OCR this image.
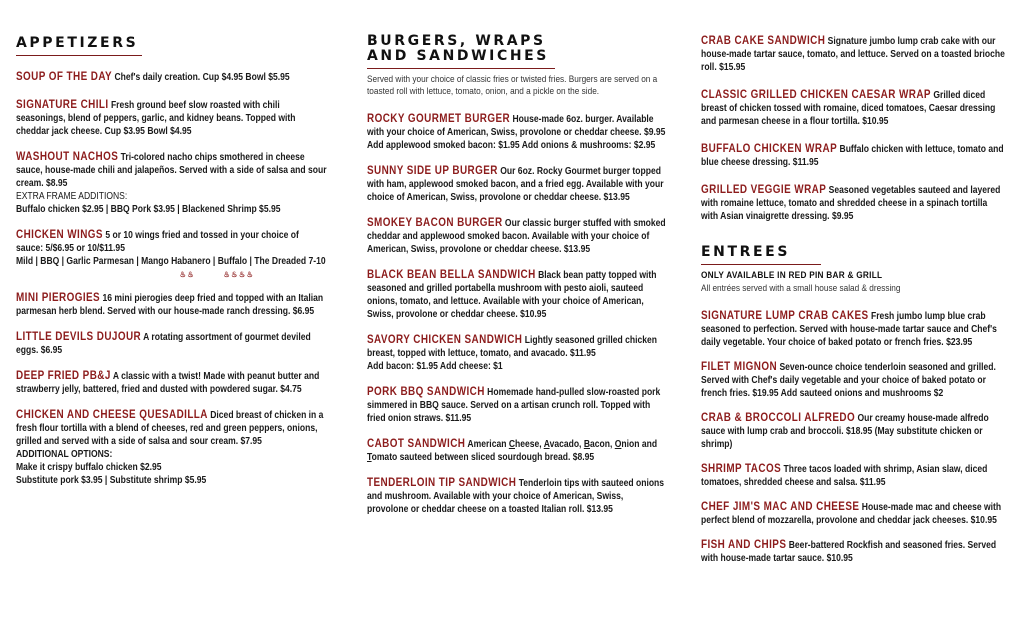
APPETIZERS
SOUP OF THE DAY Chef's daily creation. Cup $4.95 Bowl $5.95
SIGNATURE CHILI Fresh ground beef slow roasted with chili seasonings, blend of peppers, garlic, and kidney beans. Topped with cheddar jack cheese. Cup $3.95 Bowl $4.95
WASHOUT NACHOS Tri-colored nacho chips smothered in cheese sauce, house-made chili and jalapeños. Served with a side of salsa and sour cream. $8.95
EXTRA FRAME ADDITIONS:
Buffalo chicken $2.95 | BBQ Pork $3.95 | Blackened Shrimp $5.95
CHICKEN WINGS 5 or 10 wings fried and tossed in your choice of sauce: 5/$6.95 or 10/$11.95
Mild | BBQ | Garlic Parmesan | Mango Habanero | Buffalo | The Dreaded 7-10
♨♨        ♨♨♨♨
MINI PIEROGIES 16 mini pierogies deep fried and topped with an Italian parmesan herb blend. Served with our house-made ranch dressing. $6.95
LITTLE DEVILS DUJOUR A rotating assortment of gourmet deviled eggs. $6.95
DEEP FRIED PB&J A classic with a twist! Made with peanut butter and strawberry jelly, battered, fried and dusted with powdered sugar. $4.75
CHICKEN AND CHEESE QUESADILLA Diced breast of chicken in a fresh flour tortilla with a blend of cheeses, red and green peppers, onions, grilled and served with a side of salsa and sour cream. $7.95
ADDITIONAL OPTIONS:
Make it crispy buffalo chicken $2.95
Substitute pork $3.95 | Substitute shrimp $5.95
BURGERS, WRAPS AND SANDWICHES
Served with your choice of classic fries or twisted fries. Burgers are served on a toasted roll with lettuce, tomato, onion, and a pickle on the side.
ROCKY GOURMET BURGER House-made 6oz. burger. Available with your choice of American, Swiss, provolone or cheddar cheese. $9.95
Add applewood smoked bacon: $1.95 Add onions & mushrooms: $2.95
SUNNY SIDE UP BURGER Our 6oz. Rocky Gourmet burger topped with ham, applewood smoked bacon, and a fried egg. Available with your choice of American, Swiss, provolone or cheddar cheese. $13.95
SMOKEY BACON BURGER Our classic burger stuffed with smoked cheddar and applewood smoked bacon. Available with your choice of American, Swiss, provolone or cheddar cheese. $13.95
BLACK BEAN BELLA SANDWICH Black bean patty topped with seasoned and grilled portabella mushroom with pesto aioli, sauteed onions, tomato, and lettuce. Available with your choice of American, Swiss, provolone or cheddar cheese. $10.95
SAVORY CHICKEN SANDWICH Lightly seasoned grilled chicken breast, topped with lettuce, tomato, and avacado. $11.95
Add bacon: $1.95 Add cheese: $1
PORK BBQ SANDWICH Homemade hand-pulled slow-roasted pork simmered in BBQ sauce. Served on a artisan crunch roll. Topped with fried onion straws. $11.95
CABOT SANDWICH American Cheese, Avacado, Bacon, Onion and Tomato sauteed between sliced sourdough bread. $8.95
TENDERLOIN TIP SANDWICH Tenderloin tips with sauteed onions and mushroom. Available with your choice of American, Swiss, provolone or cheddar cheese on a toasted Italian roll. $13.95
CRAB CAKE SANDWICH Signature jumbo lump crab cake with our house-made tartar sauce, tomato, and lettuce. Served on a toasted brioche roll. $15.95
CLASSIC GRILLED CHICKEN CAESAR WRAP Grilled diced breast of chicken tossed with romaine, diced tomatoes, Caesar dressing and parmesan cheese in a flour tortilla. $10.95
BUFFALO CHICKEN WRAP Buffalo chicken with lettuce, tomato and blue cheese dressing. $11.95
GRILLED VEGGIE WRAP Seasoned vegetables sauteed and layered with romaine lettuce, tomato and shredded cheese in a spinach tortilla with Asian vinaigrette dressing. $9.95
ENTREES
ONLY AVAILABLE IN RED PIN BAR & GRILL
All entrées served with a small house salad & dressing
SIGNATURE LUMP CRAB CAKES Fresh jumbo lump blue crab seasoned to perfection. Served with house-made tartar sauce and Chef's daily vegetable. Your choice of baked potato or french fries. $23.95
FILET MIGNON Seven-ounce choice tenderloin seasoned and grilled. Served with Chef's daily vegetable and your choice of baked potato or french fries. $19.95 Add sauteed onions and mushrooms $2
CRAB & BROCCOLI ALFREDO Our creamy house-made alfredo sauce with lump crab and broccoli. $18.95 (May substitute chicken or shrimp)
SHRIMP TACOS Three tacos loaded with shrimp, Asian slaw, diced tomatoes, shredded cheese and salsa. $11.95
CHEF JIM'S MAC AND CHEESE House-made mac and cheese with perfect blend of mozzarella, provolone and cheddar jack cheeses. $10.95
FISH AND CHIPS Beer-battered Rockfish and seasoned fries. Served with house-made tartar sauce. $10.95
